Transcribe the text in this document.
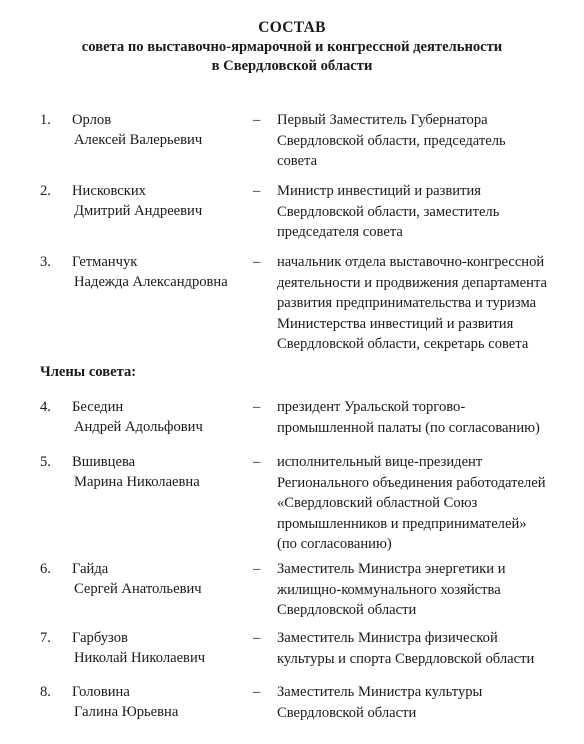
СОСТАВ
совета по выставочно-ярмарочной и конгрессной деятельности
в Свердловской области
1. Орлов
Алексей Валерьевич
– Первый Заместитель Губернатора
Свердловской области, председатель
совета
2. Нисковских
Дмитрий Андреевич
– Министр инвестиций и развития
Свердловской области, заместитель
председателя совета
3. Гетманчук
Надежда Александровна
– начальник отдела выставочно-конгрессной
деятельности и продвижения департамента
развития предпринимательства и туризма
Министерства инвестиций и развития
Свердловской области, секретарь совета
Члены совета:
4. Беседин
Андрей Адольфович
– президент Уральской торгово-
промышленной палаты (по согласованию)
5. Вшивцева
Марина Николаевна
– исполнительный вице-президент
Регионального объединения работодателей
«Свердловский областной Союз
промышленников и предпринимателей»
(по согласованию)
6. Гайда
Сергей Анатольевич
– Заместитель Министра энергетики и
жилищно-коммунального хозяйства
Свердловской области
7. Гарбузов
Николай Николаевич
– Заместитель Министра физической
культуры и спорта Свердловской области
8. Головина
Галина Юрьевна
– Заместитель Министра культуры
Свердловской области
